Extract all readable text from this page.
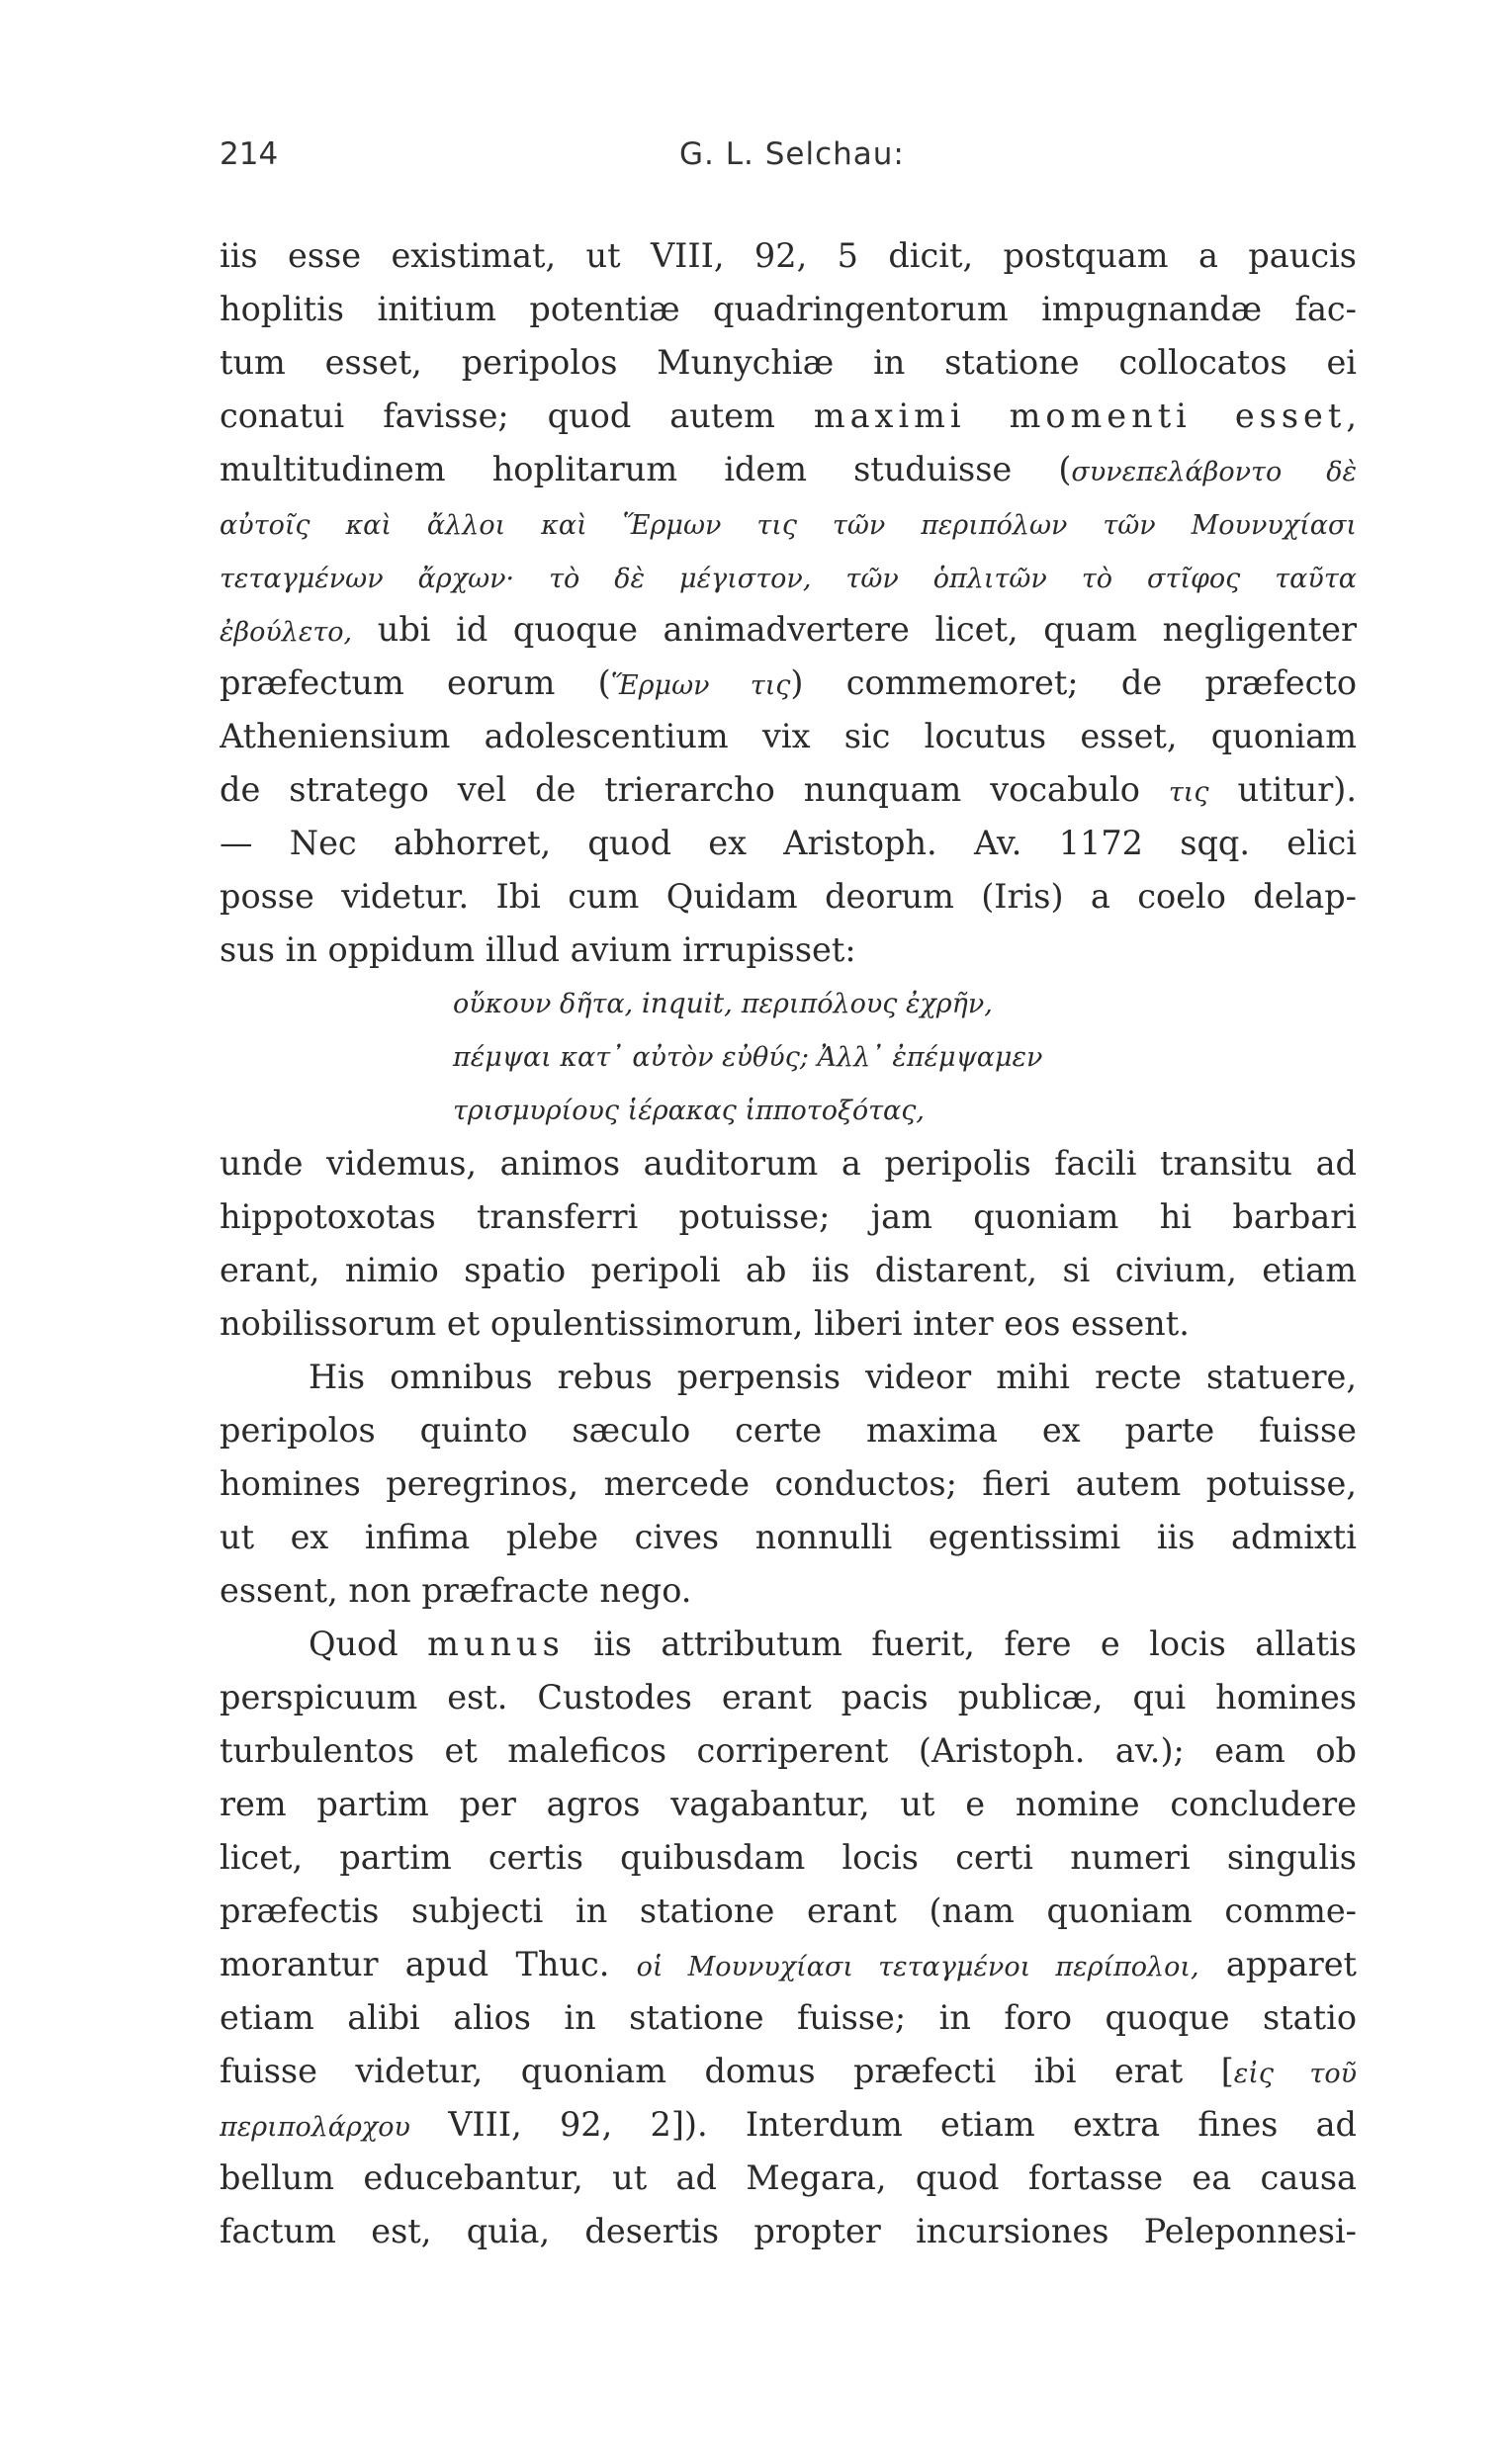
214	G. L. Selchau:
iis esse existimat, ut VIII, 92, 5 dicit, postquam a paucis
hoplitis initium potentiæ quadringentorum impugnandæ fac-
tum esset, peripolos Munychiæ in statione collocatos ei
conatui favisse; quod autem maximi momenti esset,
multitudinem hoplitarum idem studuisse (συνεπελάβοντο δὲ
αὐτοῖς καὶ ἄλλοι καὶ Ἕρμων τις τῶν περιπόλων τῶν Μουνυχίασι
τεταγμένων ἄρχων· τὸ δὲ μέγιστον, τῶν ὁπλιτῶν τὸ στῖφος ταῦτα
ἐβούλετο, ubi id quoque animadvertere licet, quam negligenter
præfectum eorum (Ἕρμων τις) commemoret; de præfecto
Atheniensium adolescentium vix sic locutus esset, quoniam
de stratego vel de trierarcho nunquam vocabulo τις utitur).
— Nec abhorret, quod ex Aristoph. Av. 1172 sqq. elici
posse videtur. Ibi cum Quidam deorum (Iris) a coelo delap-
sus in oppidum illud avium irrupisset:
οὔκουν δῆτα, inquit, περιπόλους ἐχρῆν,
πέμψαι κατ᾽ αὐτὸν εὐθύς; Ἀλλ᾽ ἐπέμψαμεν
τρισμυρίους ἱέρακας ἱπποτοξότας,
unde videmus, animos auditorum a peripolis facili transitu ad
hippotoxotas transferri potuisse; jam quoniam hi barbari
erant, nimio spatio peripoli ab iis distarent, si civium, etiam
nobilissorum et opulentissimorum, liberi inter eos essent.
His omnibus rebus perpensis videor mihi recte statuere,
peripolos quinto sæculo certe maxima ex parte fuisse
homines peregrinos, mercede conductos; fieri autem potuisse,
ut ex infima plebe cives nonnulli egentissimi iis admixti
essent, non præfracte nego.
Quod munus iis attributum fuerit, fere e locis allatis
perspicuum est. Custodes erant pacis publicæ, qui homines
turbulentos et maleficos corriperent (Aristoph. av.); eam ob
rem partim per agros vagabantur, ut e nomine concludere
licet, partim certis quibusdam locis certi numeri singulis
præfectis subjecti in statione erant (nam quoniam comme-
morantur apud Thuc. οἱ Μουνυχίασι τεταγμένοι περίπολοι, apparet
etiam alibi alios in statione fuisse; in foro quoque statio
fuisse videtur, quoniam domus præfecti ibi erat [εἰς τοῦ
περιπολάρχου VIII, 92, 2]). Interdum etiam extra fines ad
bellum educebantur, ut ad Megara, quod fortasse ea causa
factum est, quia, desertis propter incursiones Peleponnesi-
